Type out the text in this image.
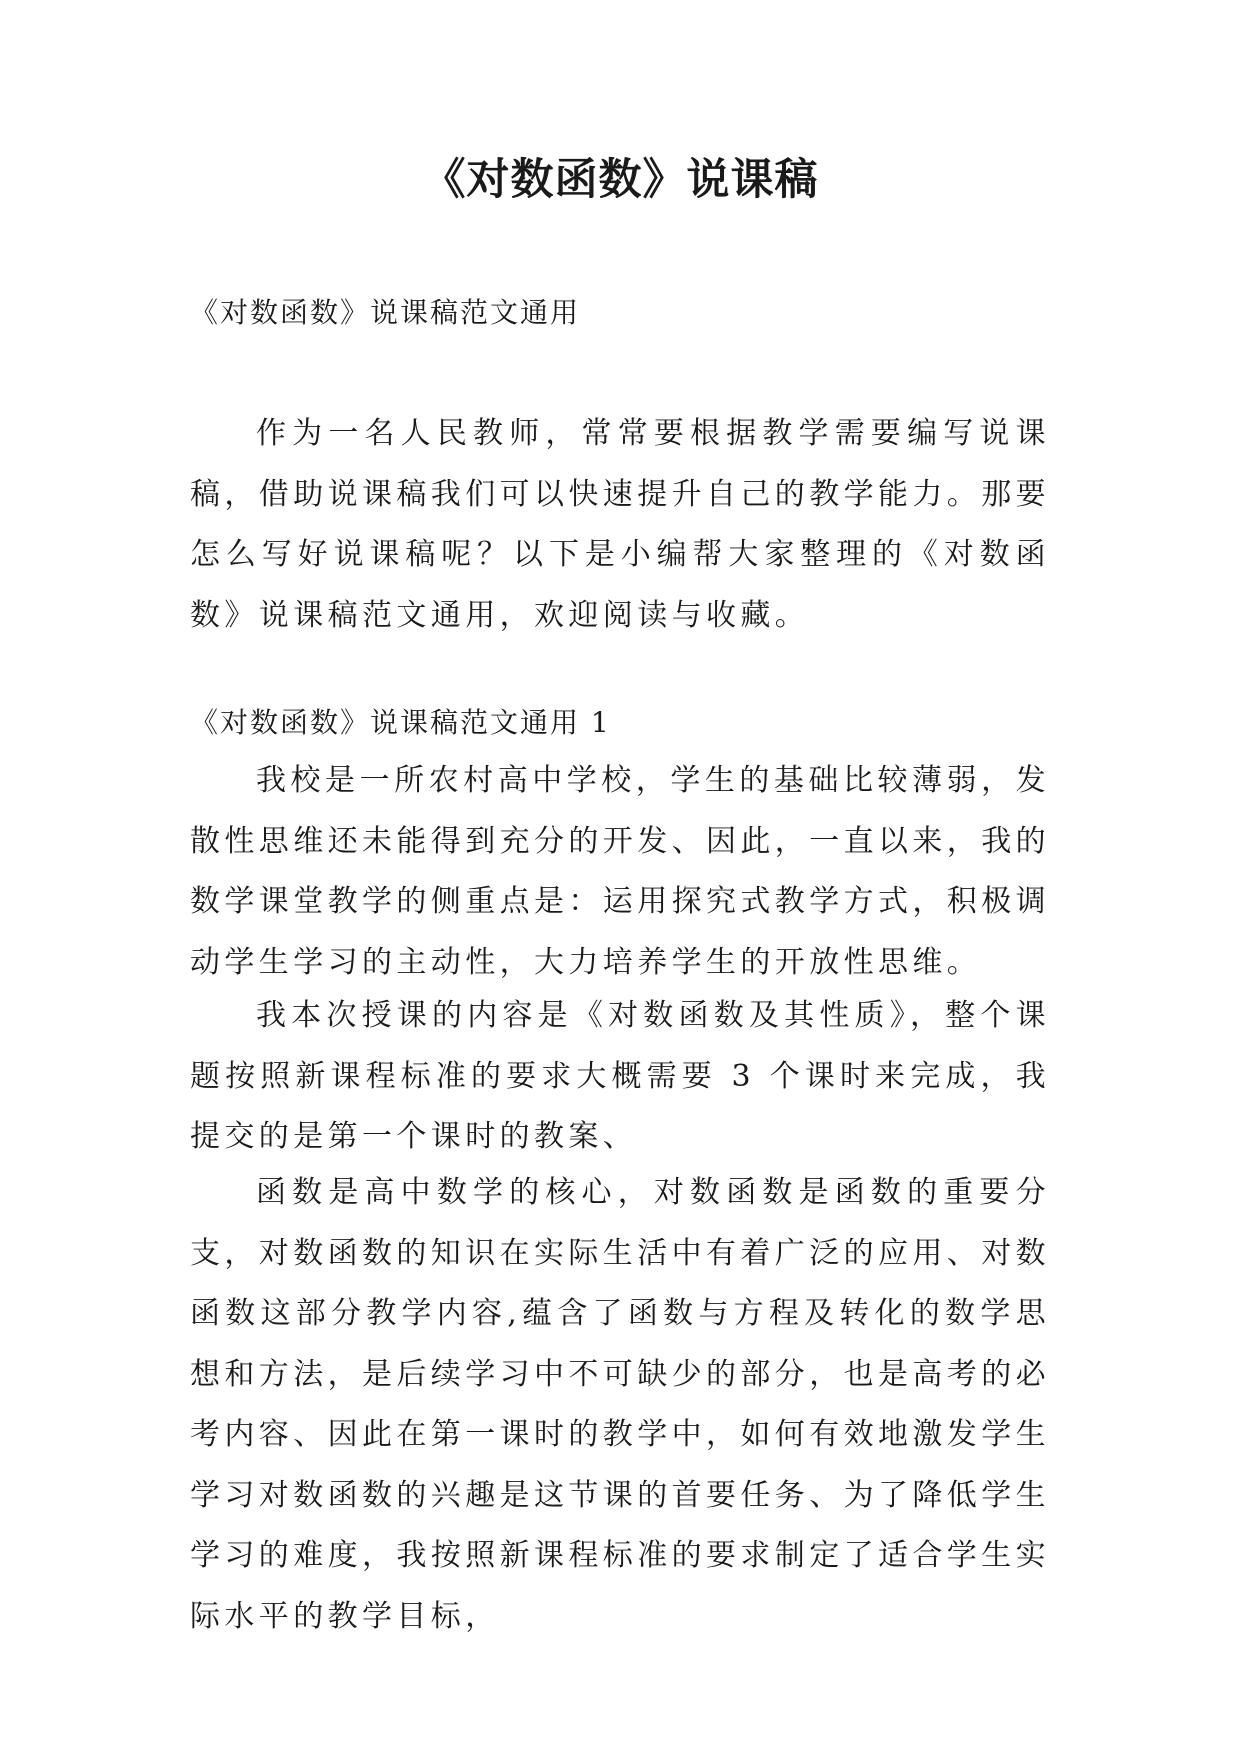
《对数函数》说课稿
《对数函数》说课稿范文通用

作为一名人民教师，常常要根据教学需要编写说课稿，借助说课稿我们可以快速提升自己的教学能力。那要怎么写好说课稿呢？以下是小编帮大家整理的《对数函数》说课稿范文通用，欢迎阅读与收藏。

《对数函数》说课稿范文通用 1

我校是一所农村高中学校，学生的基础比较薄弱，发散性思维还未能得到充分的开发、因此，一直以来，我的数学课堂教学的侧重点是：运用探究式教学方式，积极调动学生学习的主动性，大力培养学生的开放性思维。

我本次授课的内容是《对数函数及其性质》，整个课题按照新课程标准的要求大概需要 3 个课时来完成，我提交的是第一个课时的教案、

函数是高中数学的核心，对数函数是函数的重要分支，对数函数的知识在实际生活中有着广泛的应用、对数函数这部分教学内容,蕴含了函数与方程及转化的数学思想和方法，是后续学习中不可缺少的部分，也是高考的必考内容、因此在第一课时的教学中，如何有效地激发学生学习对数函数的兴趣是这节课的首要任务、为了降低学生学习的难度，我按照新课程标准的要求制定了适合学生实际水平的教学目标，
